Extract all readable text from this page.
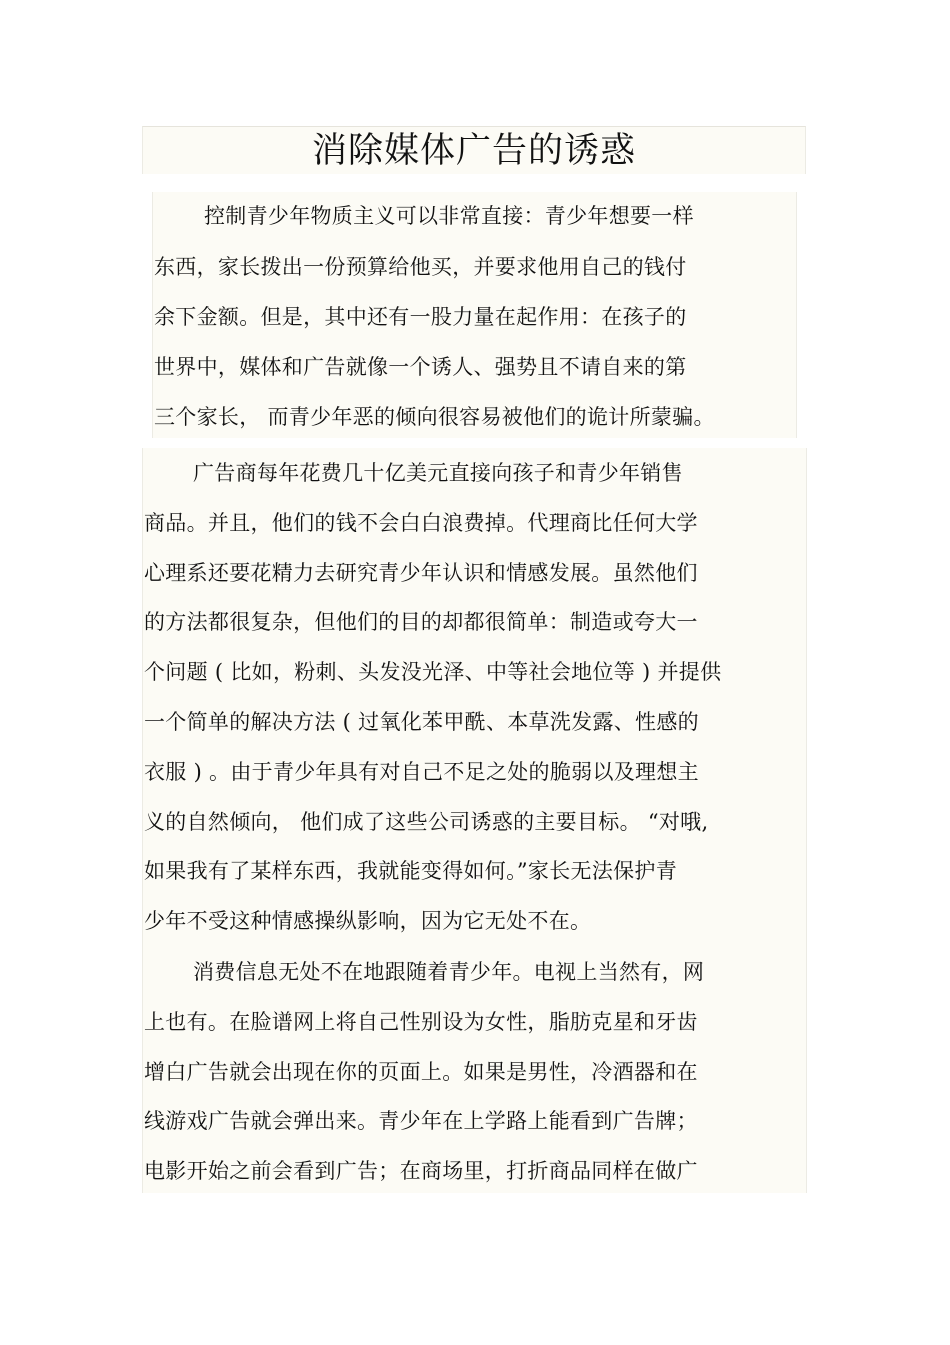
消除媒体广告的诱惑
控制青少年物质主义可以非常直接：青少年想要一样
东西，家长拨出一份预算给他买，并要求他用自己的钱付
余下金额。但是，其中还有一股力量在起作用：在孩子的
世界中，媒体和广告就像一个诱人、强势且不请自来的第
三个家长， 而青少年恶的倾向很容易被他们的诡计所蒙骗。
广告商每年花费几十亿美元直接向孩子和青少年销售
商品。并且，他们的钱不会白白浪费掉。代理商比任何大学
心理系还要花精力去研究青少年认识和情感发展。虽然他们
的方法都很复杂，但他们的目的却都很简单：制造或夸大一
个问题 ( 比如，粉刺、头发没光泽、中等社会地位等 ) 并提供
一个简单的解决方法 ( 过氧化苯甲酰、本草洗发露、性感的
衣服 ) 。由于青少年具有对自己不足之处的脆弱以及理想主
义的自然倾向， 他们成了这些公司诱惑的主要目标。 “对哦,
如果我有了某样东西，我就能变得如何。”家长无法保护青
少年不受这种情感操纵影响，因为它无处不在。
消费信息无处不在地跟随着青少年。电视上当然有，网
上也有。在脸谱网上将自己性别设为女性，脂肪克星和牙齿
增白广告就会出现在你的页面上。如果是男性，冷酒器和在
线游戏广告就会弹出来。青少年在上学路上能看到广告牌；
电影开始之前会看到广告；在商场里，打折商品同样在做广
